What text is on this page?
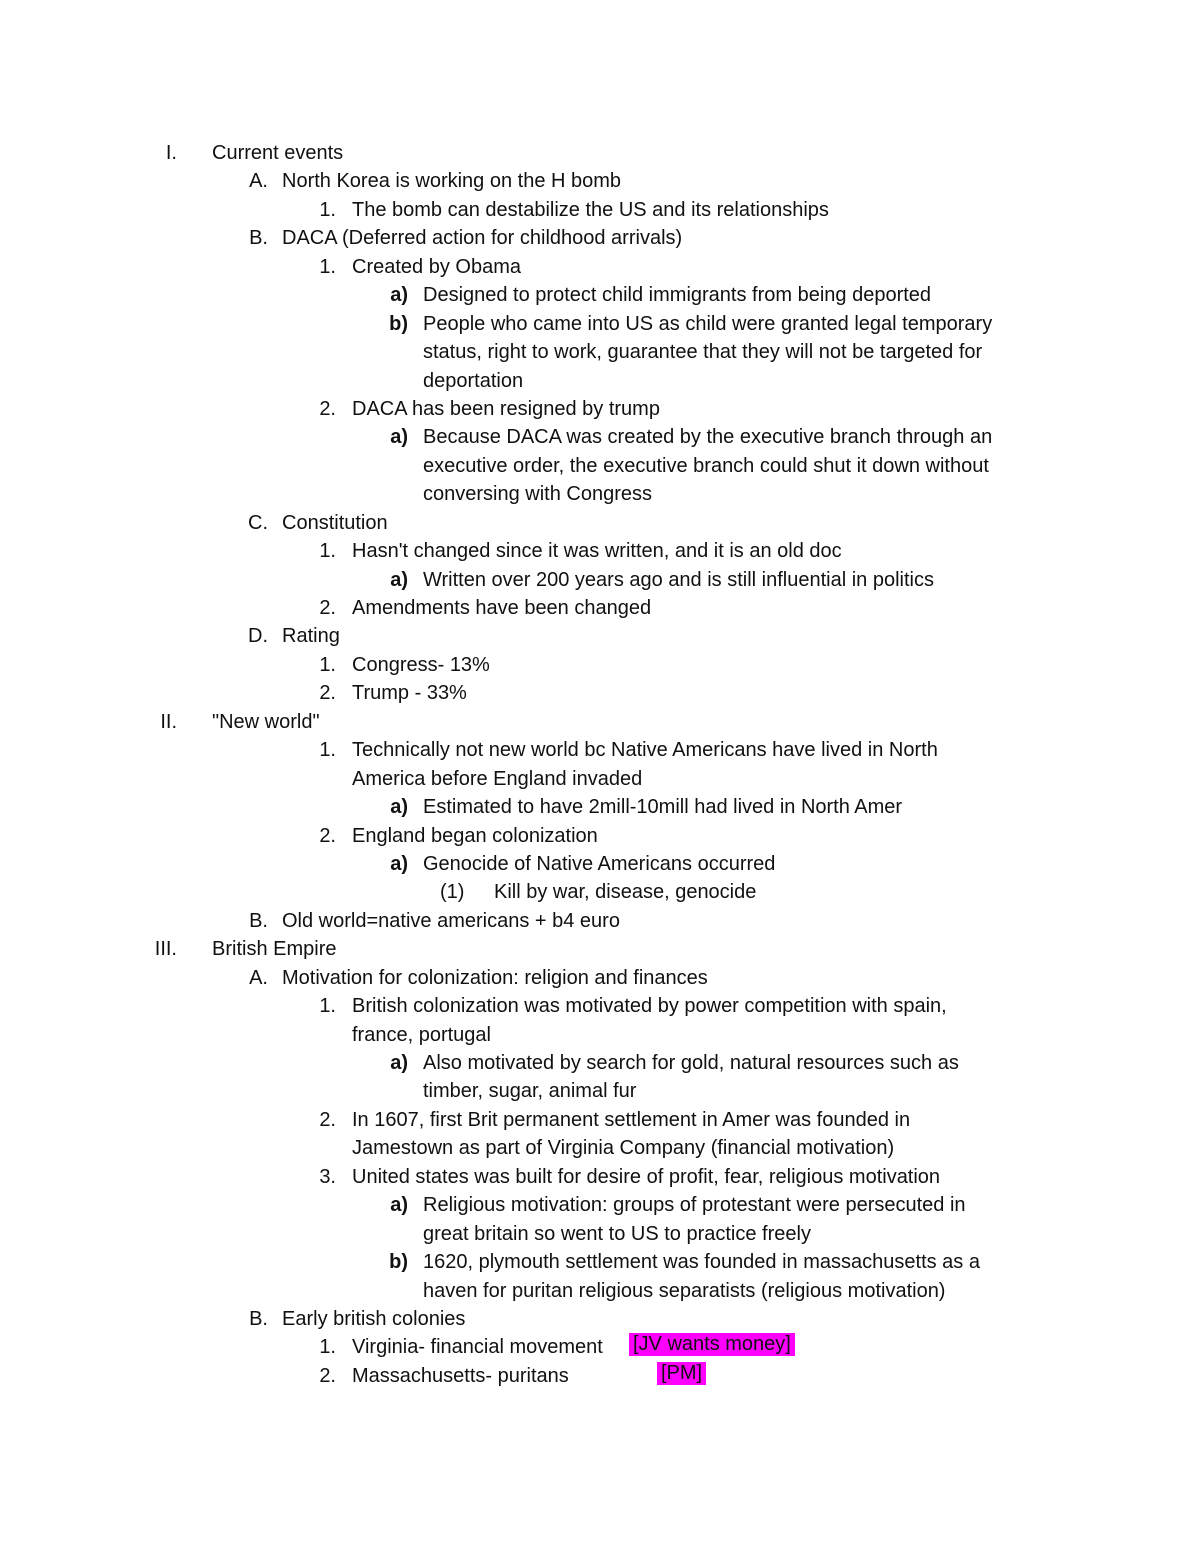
I. Current events
A. North Korea is working on the H bomb
1. The bomb can destabilize the US and its relationships
B. DACA (Deferred action for childhood arrivals)
1. Created by Obama
a) Designed to protect child immigrants from being deported
b) People who came into US as child were granted legal temporary
status, right to work, guarantee that they will not be targeted for
deportation
2. DACA has been resigned by trump
a) Because DACA was created by the executive branch through an
executive order, the executive branch could shut it down without
conversing with Congress
C. Constitution
1. Hasn't changed since it was written, and it is an old doc
a) Written over 200 years ago and is still influential in politics
2. Amendments have been changed
D. Rating
1. Congress- 13%
2. Trump - 33%
II. "New world"
1. Technically not new world bc Native Americans have lived in North
America before England invaded
a) Estimated to have 2mill-10mill had lived in North Amer
2. England began colonization
a) Genocide of Native Americans occurred
(1)	Kill by war, disease, genocide
B. Old world=native americans + b4 euro
III. British Empire
A. Motivation for colonization: religion and finances
1. British colonization was motivated by power competition with spain,
france, portugal
a) Also motivated by search for gold, natural resources such as
timber, sugar, animal fur
2. In 1607, first Brit permanent settlement in Amer was founded in
Jamestown as part of Virginia Company (financial motivation)
3. United states was built for desire of profit, fear, religious motivation
a) Religious motivation: groups of protestant were persecuted in
great britain so went to US to practice freely
b) 1620, plymouth settlement was founded in massachusetts as a
haven for puritan religious separatists (religious motivation)
B. Early british colonies
1. Virginia- financial movement [JV wants money]
2. Massachusetts- puritans	[PM]
